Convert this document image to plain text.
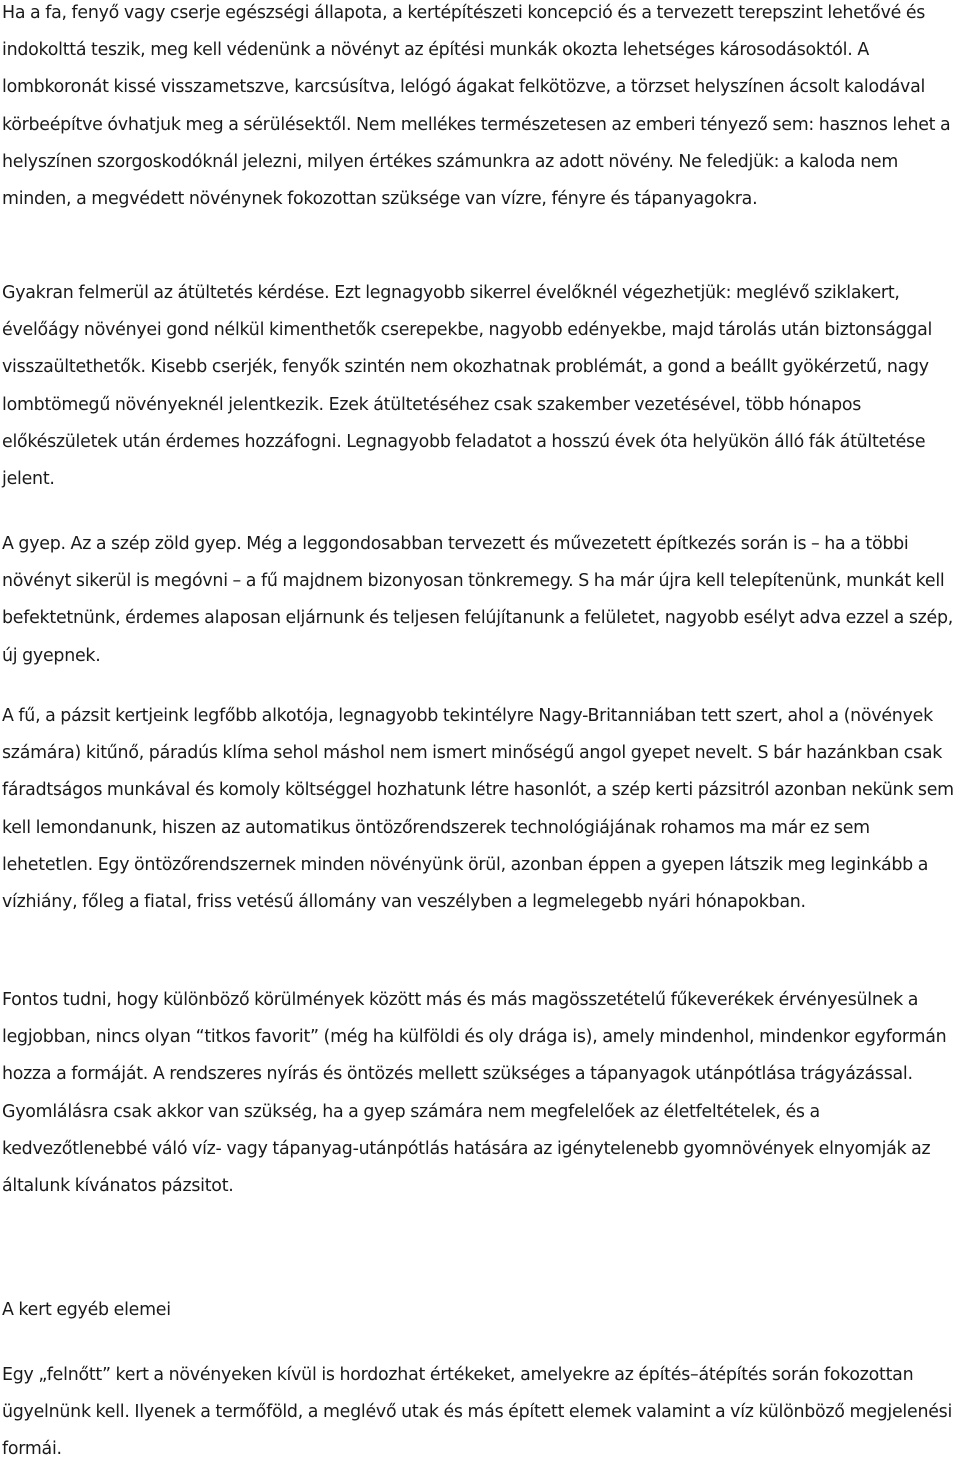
Ha a fa, fenyő vagy cserje egészségi állapota, a kertépítészeti koncepció és a tervezett terepszint lehetővé és indokolttá teszik, meg kell védenünk a növényt az építési munkák okozta lehetséges károsodásoktól. A lombkoronát kissé visszametszve, karcsúsítva, lelógó ágakat felkötözve, a törzset helyszínen ácsolt kalodával körbeépítve óvhatjuk meg a sérülésektől. Nem mellékes természetesen az emberi tényező sem: hasznos lehet a helyszínen szorgoskodóknál jelezni, milyen értékes számunkra az adott növény. Ne feledjük: a kaloda nem minden, a megvédett növénynek fokozottan szüksége van vízre, fényre és tápanyagokra.

Gyakran felmerül az átültetés kérdése. Ezt legnagyobb sikerrel évelőknél végezhetjük: meglévő sziklakert, évelőágy növényei gond nélkül kimenthetők cserepekbe, nagyobb edényekbe, majd tárolás után biztonsággal visszaültethetők. Kisebb cserjék, fenyők szintén nem okozhatnak problémát, a gond a beállt gyökérzetű, nagy lombtömegű növényeknél jelentkezik. Ezek átültetéséhez csak szakember vezetésével, több hónapos előkészületek után érdemes hozzáfogni. Legnagyobb feladatot a hosszú évek óta helyükön álló fák átültetése jelent.

A gyep. Az a szép zöld gyep. Még a leggondosabban tervezett és művezetett építkezés során is – ha a többi növényt sikerül is megóvni – a fű majdnem bizonyosan tönkremegy. S ha már újra kell telepítenünk, munkát kell befektetnünk, érdemes alaposan eljárnunk és teljesen felújítanunk a felületet, nagyobb esélyt adva ezzel a szép, új gyepnek.

A fű, a pázsit kertjeink legfőbb alkotója, legnagyobb tekintélyre Nagy-Britanniában tett szert, ahol a (növények számára) kitűnő, páradús klíma sehol máshol nem ismert minőségű angol gyepet nevelt. S bár hazánkban csak fáradtságos munkával és komoly költséggel hozhatunk létre hasonlót, a szép kerti pázsitról azonban nekünk sem kell lemondanunk, hiszen az automatikus öntözőrendszerek technológiájának rohamos ma már ez sem lehetetlen. Egy öntözőrendszernek minden növényünk örül, azonban éppen a gyepen látszik meg leginkább a vízhiány, főleg a fiatal, friss vetésű állomány van veszélyben a legmelegebb nyári hónapokban.

Fontos tudni, hogy különböző körülmények között más és más magösszetételű fűkeverékek érvényesülnek a legjobban, nincs olyan “titkos favorit” (még ha külföldi és oly drága is), amely mindenhol, mindenkor egyformán hozza a formáját. A rendszeres nyírás és öntözés mellett szükséges a tápanyagok utánpótlása trágyázással. Gyomlálásra csak akkor van szükség, ha a gyep számára nem megfelelőek az életfeltételek, és a kedvezőtlenebbé váló víz- vagy tápanyag-utánpótlás hatására az igénytelenebb gyomnövények elnyomják az általunk kívánatos pázsitot.

A kert egyéb elemei

Egy „felnőtt” kert a növényeken kívül is hordozhat értékeket, amelyekre az építés–átépítés során fokozottan ügyelnünk kell. Ilyenek a termőföld, a meglévő utak és más épített elemek valamint a víz különböző megjelenési formái.
